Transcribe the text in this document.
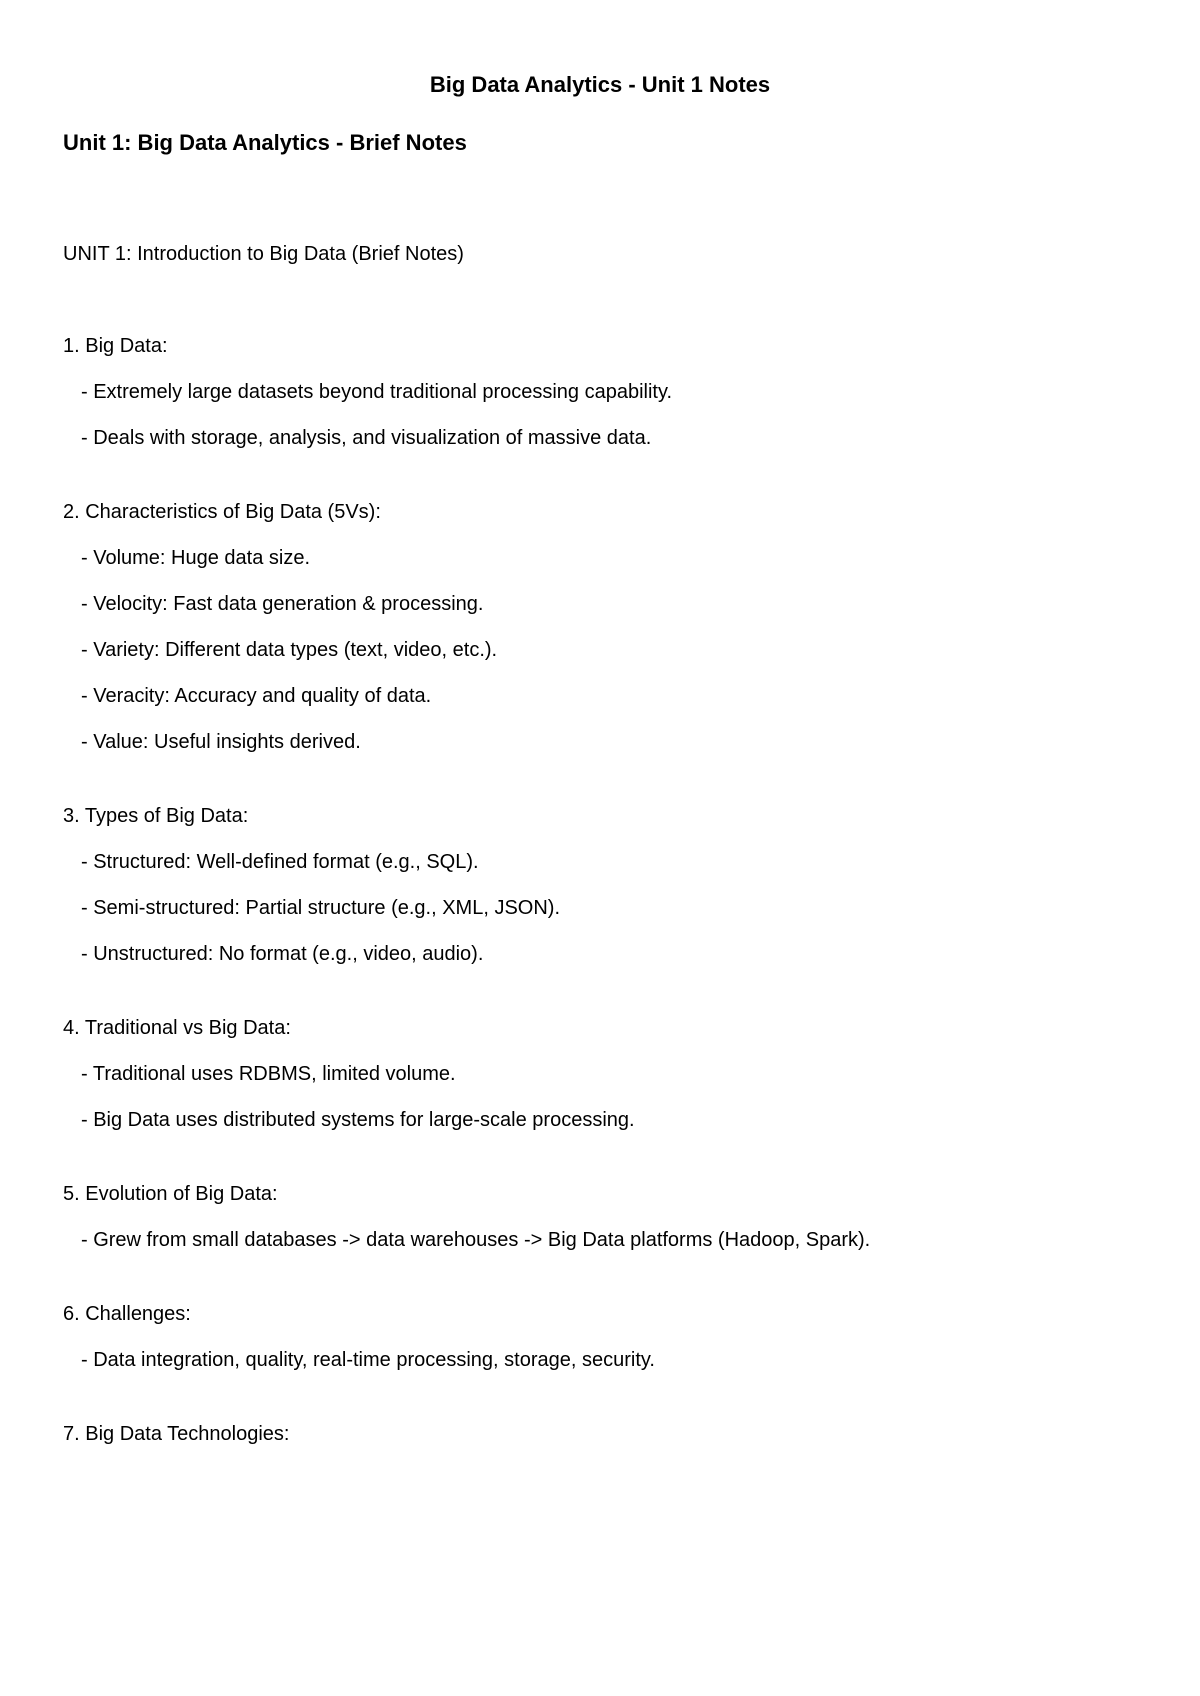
Big Data Analytics - Unit 1 Notes
Unit 1: Big Data Analytics - Brief Notes
UNIT 1: Introduction to Big Data (Brief Notes)
1. Big Data:
- Extremely large datasets beyond traditional processing capability.
- Deals with storage, analysis, and visualization of massive data.
2. Characteristics of Big Data (5Vs):
- Volume: Huge data size.
- Velocity: Fast data generation & processing.
- Variety: Different data types (text, video, etc.).
- Veracity: Accuracy and quality of data.
- Value: Useful insights derived.
3. Types of Big Data:
- Structured: Well-defined format (e.g., SQL).
- Semi-structured: Partial structure (e.g., XML, JSON).
- Unstructured: No format (e.g., video, audio).
4. Traditional vs Big Data:
- Traditional uses RDBMS, limited volume.
- Big Data uses distributed systems for large-scale processing.
5. Evolution of Big Data:
- Grew from small databases -> data warehouses -> Big Data platforms (Hadoop, Spark).
6. Challenges:
- Data integration, quality, real-time processing, storage, security.
7. Big Data Technologies:
